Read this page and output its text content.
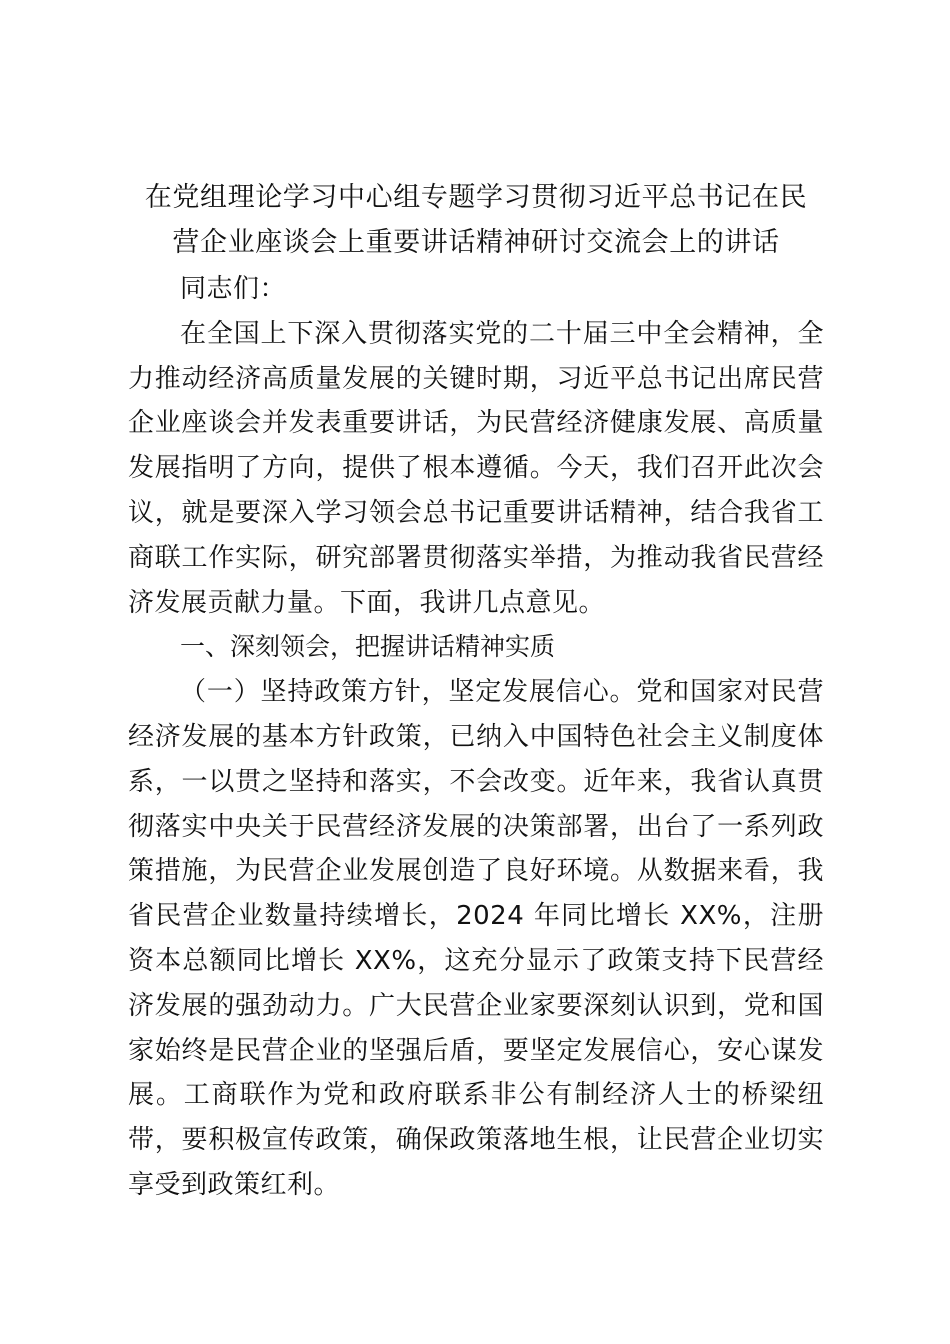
在党组理论学习中心组专题学习贯彻习近平总书记在民
营企业座谈会上重要讲话精神研讨交流会上的讲话

同志们：

在全国上下深入贯彻落实党的二十届三中全会精神，全力推动经济高质量发展的关键时期，习近平总书记出席民营企业座谈会并发表重要讲话，为民营经济健康发展、高质量发展指明了方向，提供了根本遵循。今天，我们召开此次会议，就是要深入学习领会总书记重要讲话精神，结合我省工商联工作实际，研究部署贯彻落实举措，为推动我省民营经济发展贡献力量。下面，我讲几点意见。

一、深刻领会，把握讲话精神实质

（一）坚持政策方针，坚定发展信心。党和国家对民营经济发展的基本方针政策，已纳入中国特色社会主义制度体系，一以贯之坚持和落实，不会改变。近年来，我省认真贯彻落实中央关于民营经济发展的决策部署，出台了一系列政策措施，为民营企业发展创造了良好环境。从数据来看，我省民营企业数量持续增长，2024 年同比增长 XX%，注册资本总额同比增长 XX%，这充分显示了政策支持下民营经济发展的强劲动力。广大民营企业家要深刻认识到，党和国家始终是民营企业的坚强后盾，要坚定发展信心，安心谋发展。工商联作为党和政府联系非公有制经济人士的桥梁纽带，要积极宣传政策，确保政策落地生根，让民营企业切实享受到政策红利。
